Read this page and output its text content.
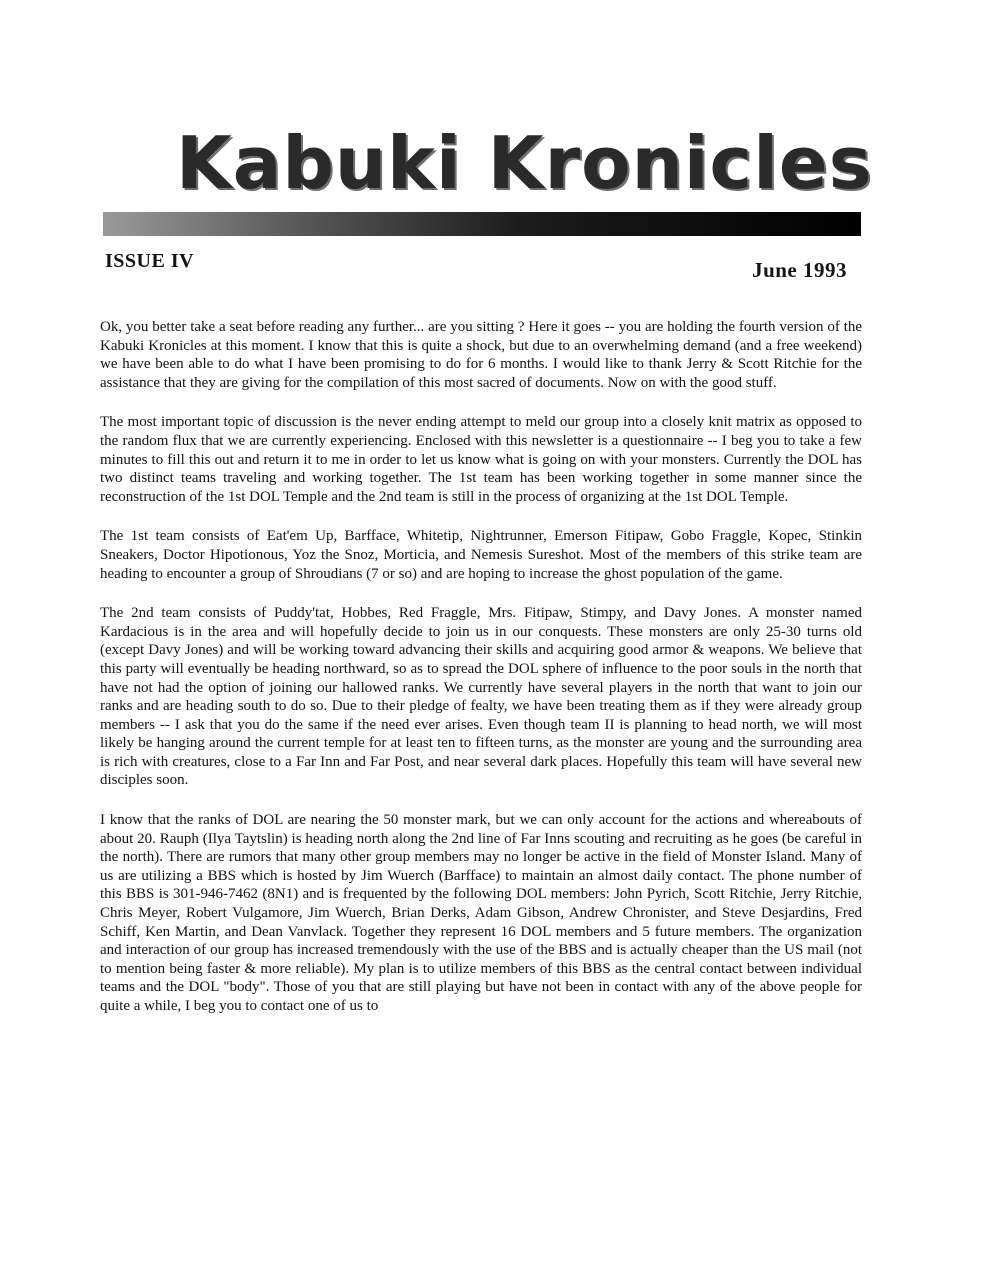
Kabuki Kronicles
ISSUE IV	June 1993

Ok, you better take a seat before reading any further... are you sitting ? Here it goes -- you are holding the fourth version of the Kabuki Kronicles at this moment. I know that this is quite a shock, but due to an overwhelming demand (and a free weekend) we have been able to do what I have been promising to do for 6 months. I would like to thank Jerry & Scott Ritchie for the assistance that they are giving for the compilation of this most sacred of documents. Now on with the good stuff.

The most important topic of discussion is the never ending attempt to meld our group into a closely knit matrix as opposed to the random flux that we are currently experiencing. Enclosed with this newsletter is a questionnaire -- I beg you to take a few minutes to fill this out and return it to me in order to let us know what is going on with your monsters. Currently the DOL has two distinct teams traveling and working together. The 1st team has been working together in some manner since the reconstruction of the 1st DOL Temple and the 2nd team is still in the process of organizing at the 1st DOL Temple.

The 1st team consists of Eat'em Up, Barfface, Whitetip, Nightrunner, Emerson Fitipaw, Gobo Fraggle, Kopec, Stinkin Sneakers, Doctor Hipotionous, Yoz the Snoz, Morticia, and Nemesis Sureshot. Most of the members of this strike team are heading to encounter a group of Shroudians (7 or so) and are hoping to increase the ghost population of the game.

The 2nd team consists of Puddy'tat, Hobbes, Red Fraggle, Mrs. Fitipaw, Stimpy, and Davy Jones. A monster named Kardacious is in the area and will hopefully decide to join us in our conquests. These monsters are only 25-30 turns old (except Davy Jones) and will be working toward advancing their skills and acquiring good armor & weapons. We believe that this party will eventually be heading northward, so as to spread the DOL sphere of influence to the poor souls in the north that have not had the option of joining our hallowed ranks. We currently have several players in the north that want to join our ranks and are heading south to do so. Due to their pledge of fealty, we have been treating them as if they were already group members -- I ask that you do the same if the need ever arises. Even though team II is planning to head north, we will most likely be hanging around the current temple for at least ten to fifteen turns, as the monster are young and the surrounding area is rich with creatures, close to a Far Inn and Far Post, and near several dark places. Hopefully this team will have several new disciples soon.

I know that the ranks of DOL are nearing the 50 monster mark, but we can only account for the actions and whereabouts of about 20. Rauph (Ilya Taytslin) is heading north along the 2nd line of Far Inns scouting and recruiting as he goes (be careful in the north). There are rumors that many other group members may no longer be active in the field of Monster Island. Many of us are utilizing a BBS which is hosted by Jim Wuerch (Barfface) to maintain an almost daily contact. The phone number of this BBS is 301-946-7462 (8N1) and is frequented by the following DOL members: John Pyrich, Scott Ritchie, Jerry Ritchie, Chris Meyer, Robert Vulgamore, Jim Wuerch, Brian Derks, Adam Gibson, Andrew Chronister, and Steve Desjardins, Fred Schiff, Ken Martin, and Dean Vanvlack. Together they represent 16 DOL members and 5 future members. The organization and interaction of our group has increased tremendously with the use of the BBS and is actually cheaper than the US mail (not to mention being faster & more reliable). My plan is to utilize members of this BBS as the central contact between individual teams and the DOL "body". Those of you that are still playing but have not been in contact with any of the above people for quite a while, I beg you to contact one of us to
